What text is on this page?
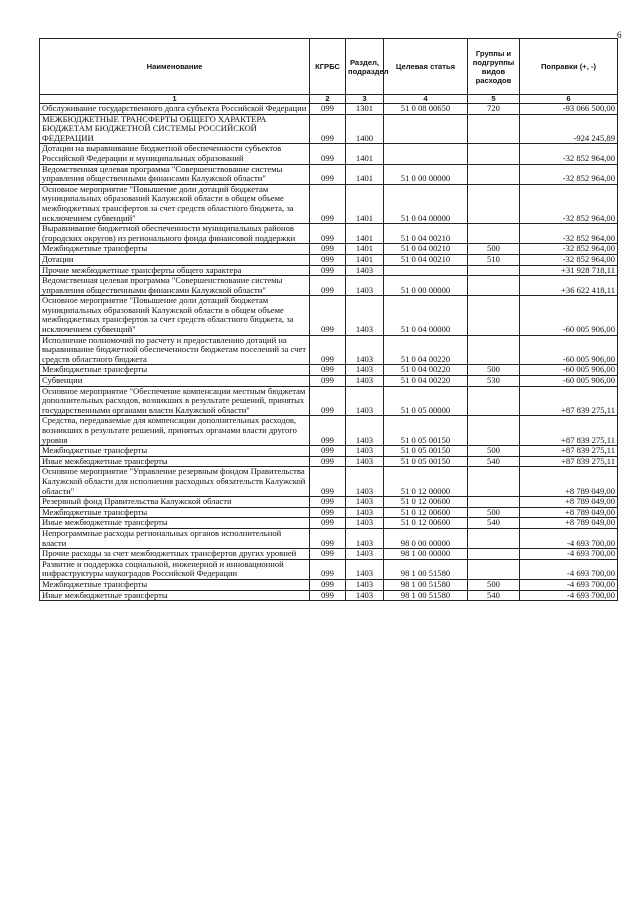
6
Наименование	КГРБС	Раздел, подраздел	Целевая статья	Группы и подгруппы видов расходов	Поправки (+, -)
1	2	3	4	5	6
Обслуживание государственного долга субъекта Российской Федерации	099	1301	51 0 08 00650	720	-93 066 500,00
МЕЖБЮДЖЕТНЫЕ ТРАНСФЕРТЫ ОБЩЕГО ХАРАКТЕРА БЮДЖЕТАМ БЮДЖЕТНОЙ СИСТЕМЫ РОССИЙСКОЙ ФЕДЕРАЦИИ	099	1400			-924 245,89
Дотации на выравнивание бюджетной обеспеченности субъектов Российской Федерации и муниципальных образований	099	1401			-32 852 964,00
Ведомственная целевая программа "Совершенствование системы управления общественными финансами Калужской области"	099	1401	51 0 00 00000		-32 852 964,00
Основное мероприятие "Повышение доли дотаций бюджетам муниципальных образований Калужской области в общем объеме межбюджетных трансфертов за счет средств областного бюджета, за исключением субвенций"	099	1401	51 0 04 00000		-32 852 964,00
Выравнивание бюджетной обеспеченности муниципальных районов (городских округов) из регионального фонда финансовой поддержки	099	1401	51 0 04 00210		-32 852 964,00
Межбюджетные трансферты	099	1401	51 0 04 00210	500	-32 852 964,00
Дотации	099	1401	51 0 04 00210	510	-32 852 964,00
Прочие межбюджетные трансферты общего характера	099	1403			+31 928 718,11
Ведомственная целевая программа "Совершенствование системы управления общественными финансами Калужской области"	099	1403	51 0 00 00000		+36 622 418,11
Основное мероприятие "Повышение доли дотаций бюджетам муниципальных образований Калужской области в общем объеме межбюджетных трансфертов за счет средств областного бюджета, за исключением субвенций"	099	1403	51 0 04 00000		-60 005 906,00
Исполнение полномочий по расчету и предоставлению дотаций на выравнивание бюджетной обеспеченности бюджетам поселений за счет средств областного бюджета	099	1403	51 0 04 00220		-60 005 906,00
Межбюджетные трансферты	099	1403	51 0 04 00220	500	-60 005 906,00
Субвенции	099	1403	51 0 04 00220	530	-60 005 906,00
Основное мероприятие "Обеспечение компенсации местным бюджетам дополнительных расходов, возникших в результате решений, принятых государственными органами власти Калужской области"	099	1403	51 0 05 00000		+87 839 275,11
Средства, передаваемые для компенсации дополнительных расходов, возникших в результате решений, принятых органами власти другого уровня	099	1403	51 0 05 00150		+87 839 275,11
Межбюджетные трансферты	099	1403	51 0 05 00150	500	+87 839 275,11
Иные межбюджетные трансферты	099	1403	51 0 05 00150	540	+87 839 275,11
Основное мероприятие "Управление резервным фондом Правительства Калужской области для исполнения расходных обязательств Калужской области"	099	1403	51 0 12 00000		+8 789 049,00
Резервный фонд Правительства Калужской области	099	1403	51 0 12 00600		+8 789 049,00
Межбюджетные трансферты	099	1403	51 0 12 00600	500	+8 789 049,00
Иные межбюджетные трансферты	099	1403	51 0 12 00600	540	+8 789 049,00
Непрограммные расходы региональных органов исполнительной власти	099	1403	98 0 00 00000		-4 693 700,00
Прочие расходы за счет межбюджетных трансфертов других уровней	099	1403	98 1 00 00000		-4 693 700,00
Развитие и поддержка социальной, инженерной и инновационной инфраструктуры наукоградов Российской Федерации	099	1403	98 1 00 51580		-4 693 700,00
Межбюджетные трансферты	099	1403	98 1 00 51580	500	-4 693 700,00
Иные межбюджетные трансферты	099	1403	98 1 00 51580	540	-4 693 700,00
